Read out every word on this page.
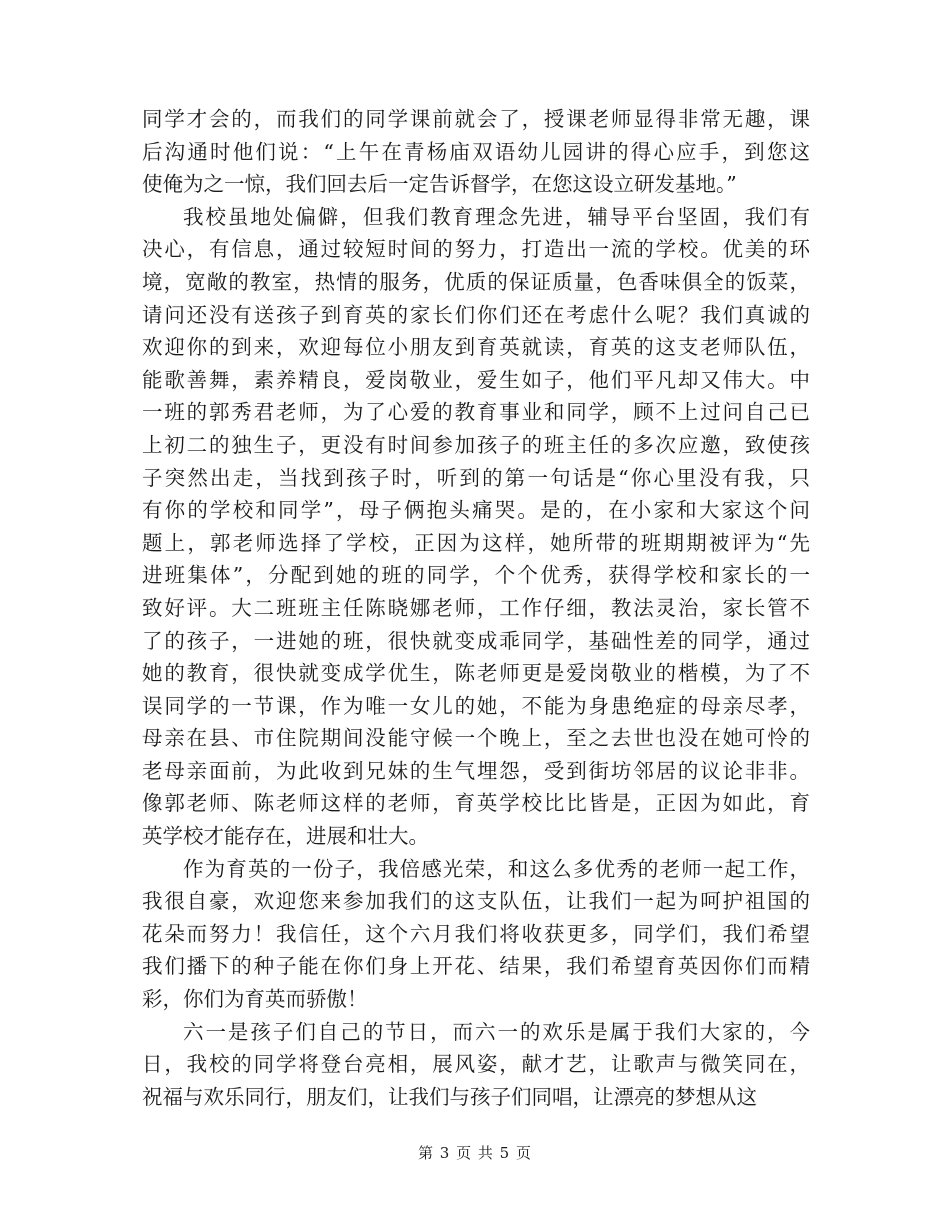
同学才会的，而我们的同学课前就会了，授课老师显得非常无趣，课
后沟通时他们说：“上午在青杨庙双语幼儿园讲的得心应手，到您这
使俺为之一惊，我们回去后一定告诉督学，在您这设立研发基地。”
我校虽地处偏僻，但我们教育理念先进，辅导平台坚固，我们有
决心，有信息，通过较短时间的努力，打造出一流的学校。优美的环
境，宽敞的教室，热情的服务，优质的保证质量，色香味俱全的饭菜，
请问还没有送孩子到育英的家长们你们还在考虑什么呢？我们真诚的
欢迎你的到来，欢迎每位小朋友到育英就读，育英的这支老师队伍，
能歌善舞，素养精良，爱岗敬业，爱生如子，他们平凡却又伟大。中
一班的郭秀君老师，为了心爱的教育事业和同学，顾不上过问自己已
上初二的独生子，更没有时间参加孩子的班主任的多次应邀，致使孩
子突然出走，当找到孩子时，听到的第一句话是“你心里没有我，只
有你的学校和同学”，母子俩抱头痛哭。是的，在小家和大家这个问
题上，郭老师选择了学校，正因为这样，她所带的班期期被评为“先
进班集体”，分配到她的班的同学，个个优秀，获得学校和家长的一
致好评。大二班班主任陈晓娜老师，工作仔细，教法灵治，家长管不
了的孩子，一进她的班，很快就变成乖同学，基础性差的同学，通过
她的教育，很快就变成学优生，陈老师更是爱岗敬业的楷模，为了不
误同学的一节课，作为唯一女儿的她，不能为身患绝症的母亲尽孝，
母亲在县、市住院期间没能守候一个晚上，至之去世也没在她可怜的
老母亲面前，为此收到兄妹的生气埋怨，受到街坊邻居的议论非非。
像郭老师、陈老师这样的老师，育英学校比比皆是，正因为如此，育
英学校才能存在，进展和壮大。
作为育英的一份子，我倍感光荣，和这么多优秀的老师一起工作，
我很自豪，欢迎您来参加我们的这支队伍，让我们一起为呵护祖国的
花朵而努力！我信任，这个六月我们将收获更多，同学们，我们希望
我们播下的种子能在你们身上开花、结果，我们希望育英因你们而精
彩，你们为育英而骄傲！
六一是孩子们自己的节日，而六一的欢乐是属于我们大家的，今
日，我校的同学将登台亮相，展风姿，献才艺，让歌声与微笑同在，
祝福与欢乐同行，朋友们，让我们与孩子们同唱，让漂亮的梦想从这
第 3 页 共 5 页
